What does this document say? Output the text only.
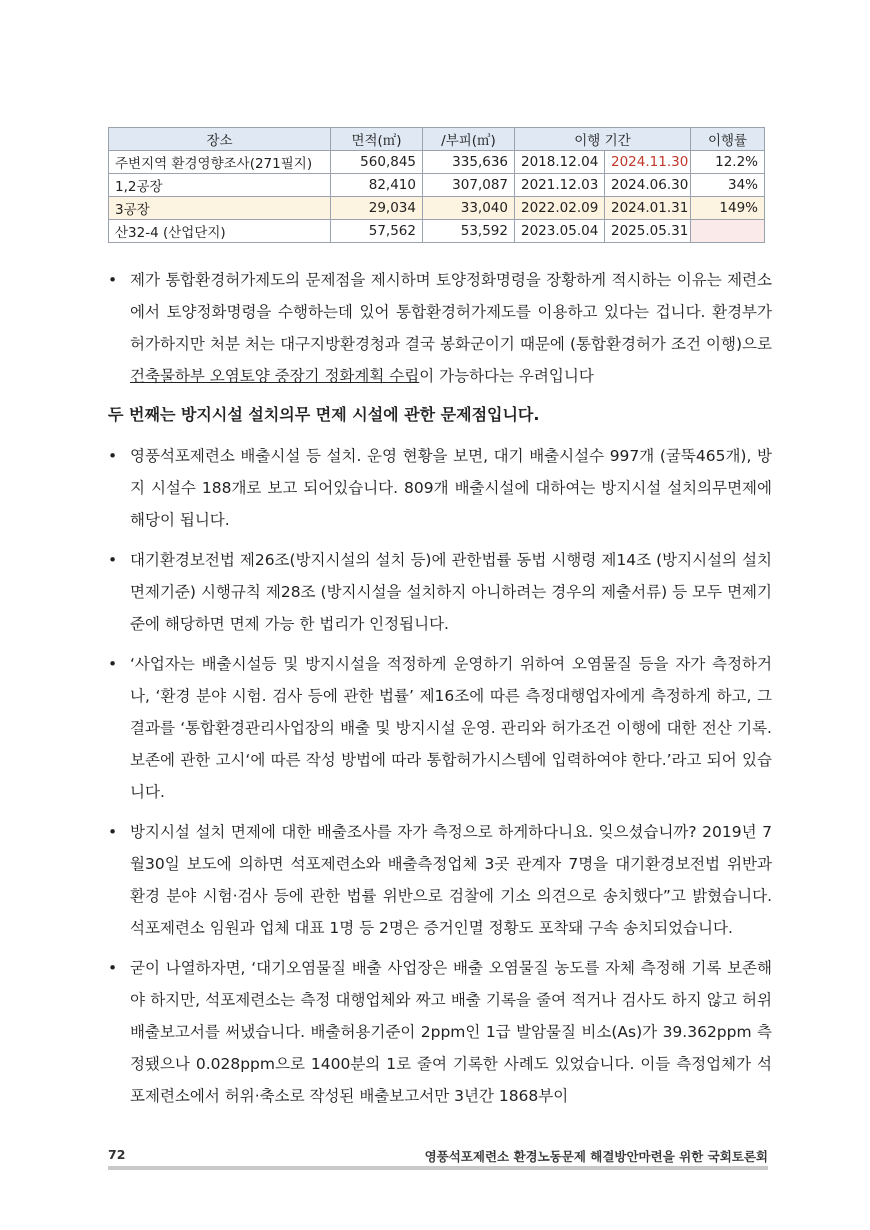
장소	면적(㎡)	/부피(㎥)	이행 기간		이행률
주변지역 환경영향조사(271필지)	560,845	335,636	2018.12.04	2024.11.30	12.2%
1,2공장	82,410	307,087	2021.12.03	2024.06.30	34%
3공장	29,034	33,040	2022.02.09	2024.01.31	149%
산32-4 (산업단지)	57,562	53,592	2023.05.04	2025.05.31	
• 제가 통합환경허가제도의 문제점을 제시하며 토양정화명령을 장황하게 적시하는 이유는 제련소에서 토양정화명령을 수행하는데 있어 통합환경허가제도를 이용하고 있다는 겁니다. 환경부가 허가하지만 처분 처는 대구지방환경청과 결국 봉화군이기 때문에 (통합환경허가 조건 이행)으로 건축물하부 오염토양 중장기 정화계획 수립이 가능하다는 우려입니다
두 번째는 방지시설 설치의무 면제 시설에 관한 문제점입니다.
• 영풍석포제련소 배출시설 등 설치. 운영 현황을 보면, 대기 배출시설수 997개 (굴뚝465개), 방지 시설수 188개로 보고 되어있습니다. 809개 배출시설에 대하여는 방지시설 설치의무면제에 해당이 됩니다.
• 대기환경보전법 제26조(방지시설의 설치 등)에 관한법률 동법 시행령 제14조 (방지시설의 설치 면제기준) 시행규칙 제28조 (방지시설을 설치하지 아니하려는 경우의 제출서류) 등 모두 면제기준에 해당하면 면제 가능 한 법리가 인정됩니다.
• ‘사업자는 배출시설등 및 방지시설을 적정하게 운영하기 위하여 오염물질 등을 자가 측정하거나, ‘환경 분야 시험. 검사 등에 관한 법률’ 제16조에 따른 측정대행업자에게 측정하게 하고, 그 결과를 ‘통합환경관리사업장의 배출 및 방지시설 운영. 관리와 허가조건 이행에 대한 전산 기록. 보존에 관한 고시‘에 따른 작성 방법에 따라 통합허가시스템에 입력하여야 한다.’라고 되어 있습니다.
• 방지시설 설치 면제에 대한 배출조사를 자가 측정으로 하게하다니요. 잊으셨습니까? 2019년 7월30일 보도에 의하면 석포제련소와 배출측정업체 3곳 관계자 7명을 대기환경보전법 위반과 환경 분야 시험·검사 등에 관한 법률 위반으로 검찰에 기소 의견으로 송치했다”고 밝혔습니다. 석포제련소 임원과 업체 대표 1명 등 2명은 증거인멸 정황도 포착돼 구속 송치되었습니다.
• 굳이 나열하자면, ‘대기오염물질 배출 사업장은 배출 오염물질 농도를 자체 측정해 기록 보존해야 하지만, 석포제련소는 측정 대행업체와 짜고 배출 기록을 줄여 적거나 검사도 하지 않고 허위 배출보고서를 써냈습니다. 배출허용기준이 2ppm인 1급 발암물질 비소(As)가 39.362ppm 측정됐으나 0.028ppm으로 1400분의 1로 줄여 기록한 사례도 있었습니다. 이들 측정업체가 석포제련소에서 허위·축소로 작성된 배출보고서만 3년간 1868부이
72	영풍석포제련소 환경노동문제 해결방안마련을 위한 국회토론회
